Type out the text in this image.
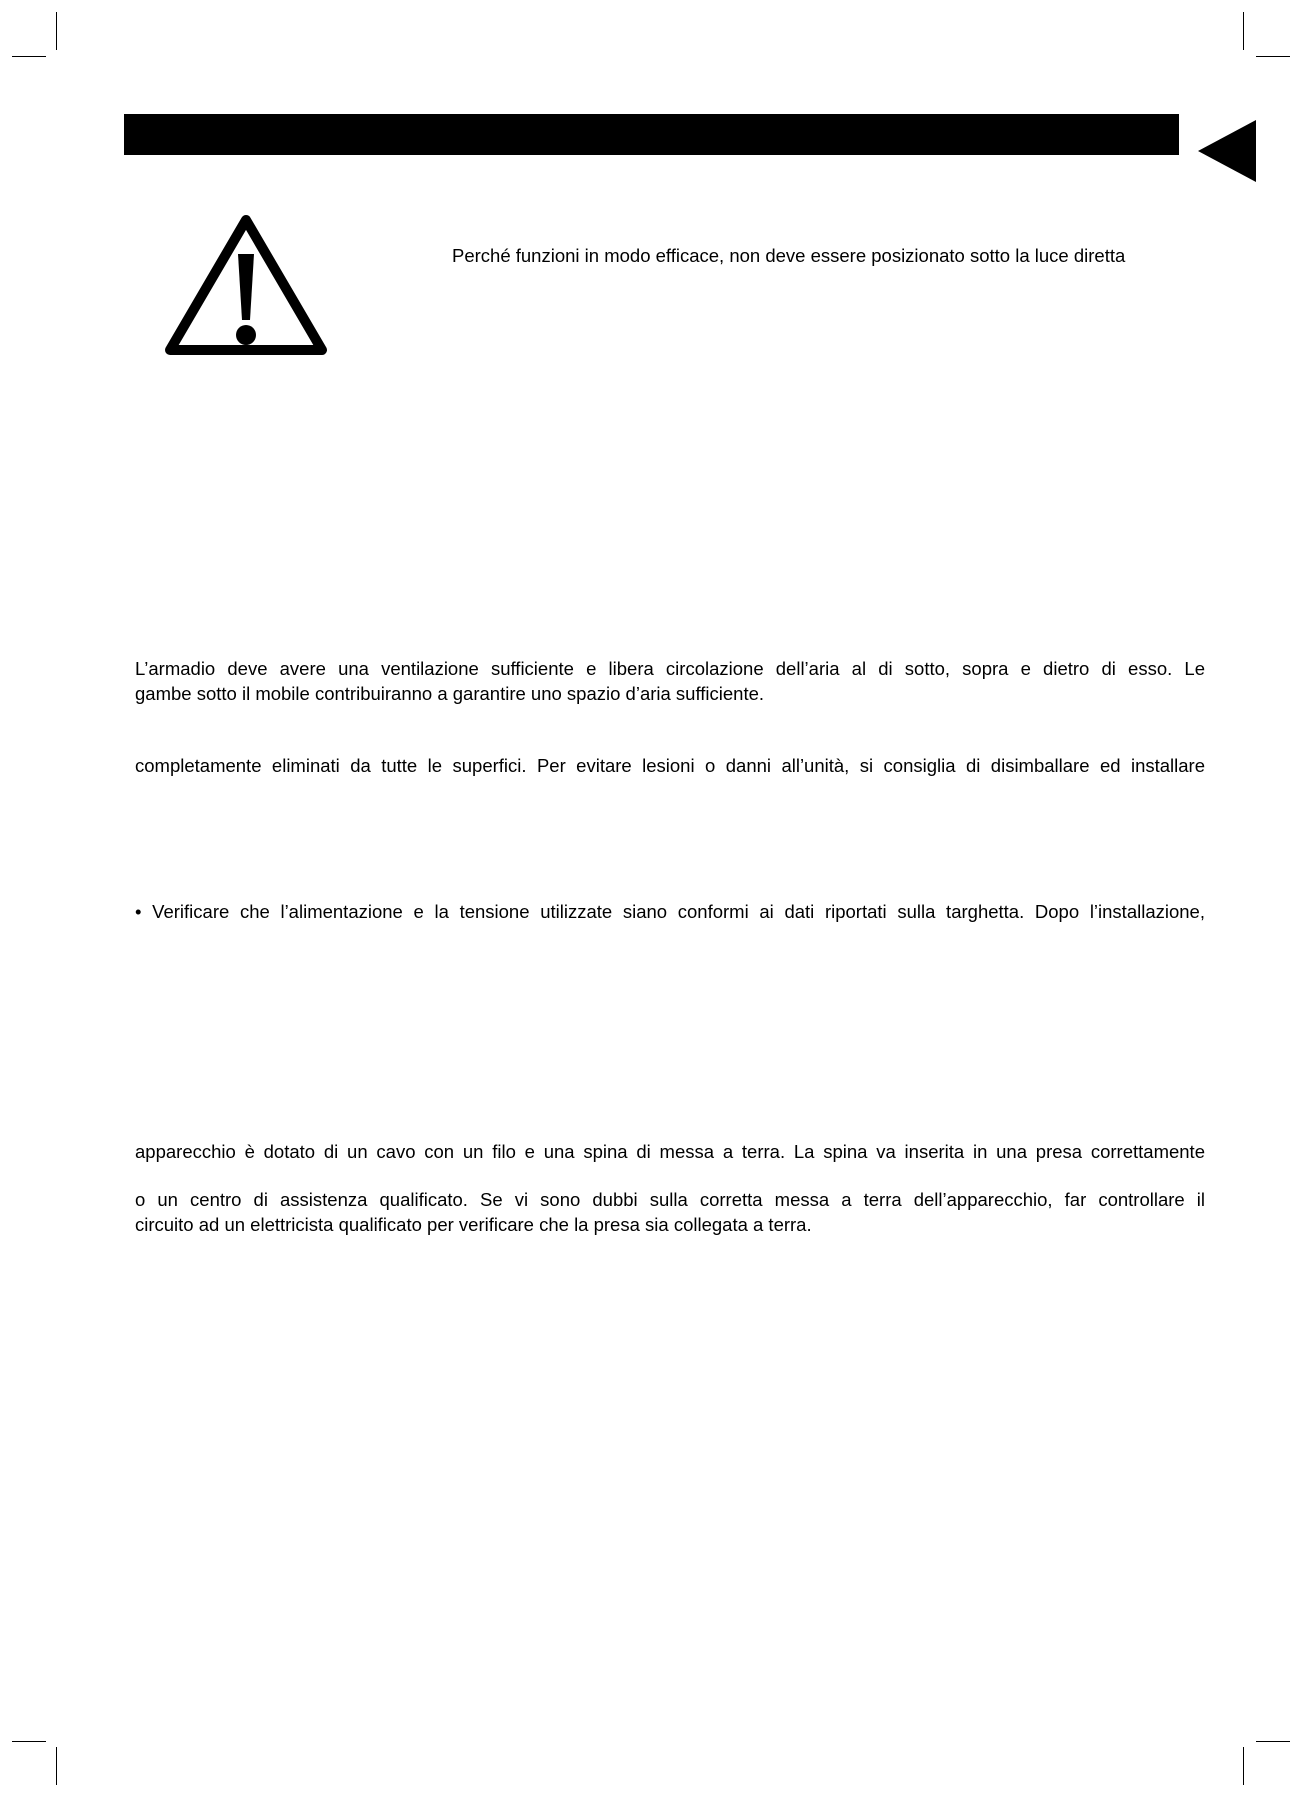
Perché funzioni in modo efficace, non deve essere posizionato sotto la luce diretta

L’armadio deve avere una ventilazione sufficiente e libera circolazione dell’aria al di sotto, sopra e dietro di esso. Le

gambe sotto il mobile contribuiranno a garantire uno spazio d’aria sufficiente.

completamente eliminati da tutte le superfici. Per evitare lesioni o danni all’unità, si consiglia di disimballare ed installare

• Verificare che l’alimentazione e la tensione utilizzate siano conformi ai dati riportati sulla targhetta. Dopo l’installazione,

apparecchio è dotato di un cavo con un filo e una spina di messa a terra. La spina va inserita in una presa correttamente

o un centro di assistenza qualificato. Se vi sono dubbi sulla corretta messa a terra dell’apparecchio, far controllare il

circuito ad un elettricista qualificato per verificare che la presa sia collegata a terra.
